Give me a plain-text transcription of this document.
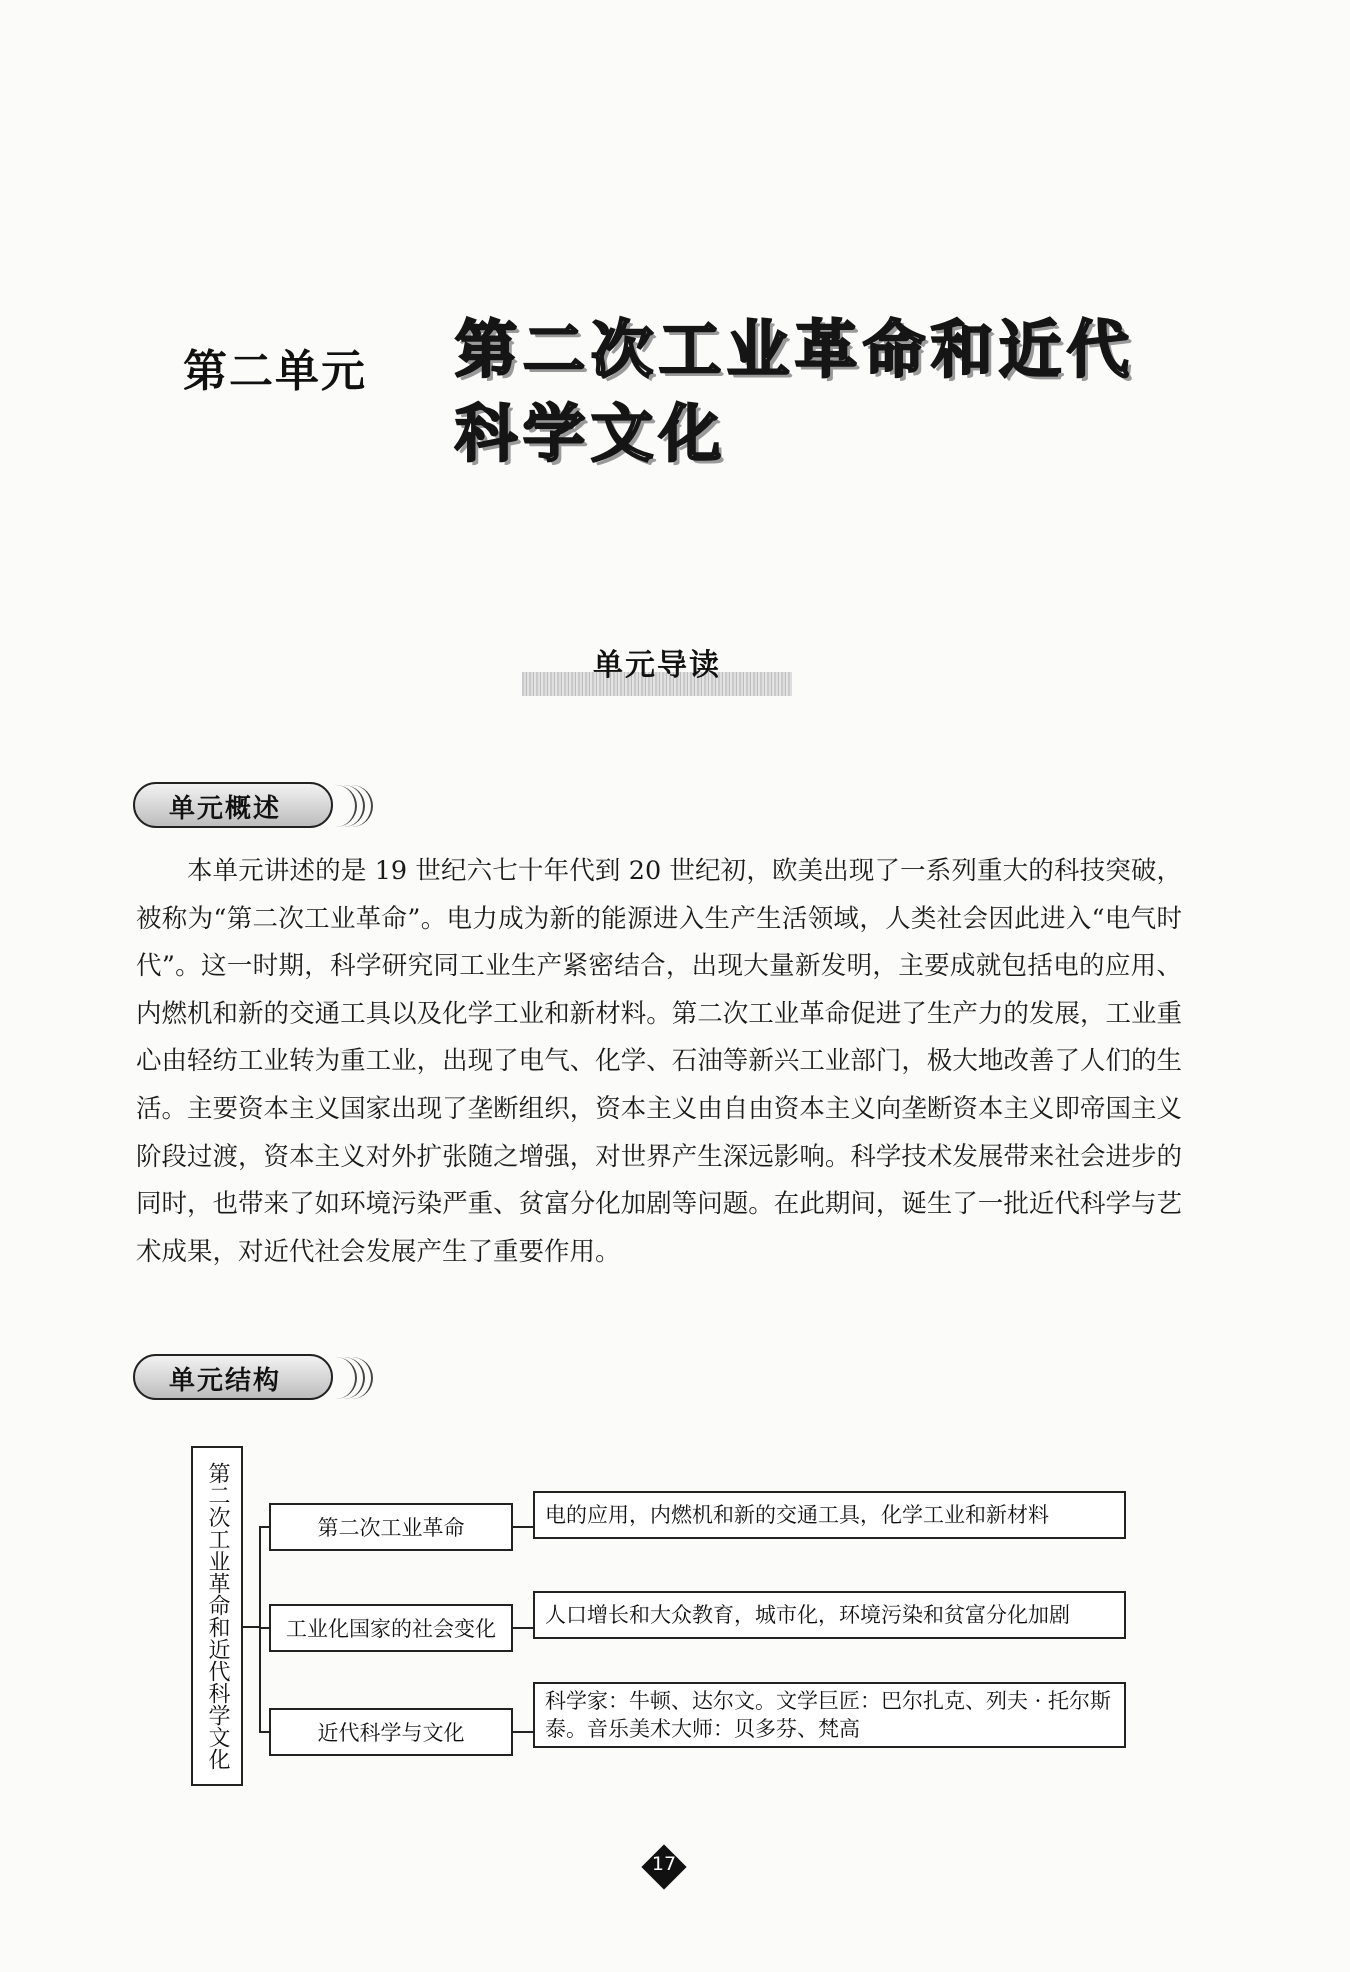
第二单元 第二次工业革命和近代科学文化
单元导读
单元概述

本单元讲述的是 19 世纪六七十年代到 20 世纪初，欧美出现了一系列重大的科技突破，被称为“第二次工业革命”。电力成为新的能源进入生产生活领域，人类社会因此进入“电气时代”。这一时期，科学研究同工业生产紧密结合，出现大量新发明，主要成就包括电的应用、内燃机和新的交通工具以及化学工业和新材料。第二次工业革命促进了生产力的发展，工业重心由轻纺工业转为重工业，出现了电气、化学、石油等新兴工业部门，极大地改善了人们的生活。主要资本主义国家出现了垄断组织，资本主义由自由资本主义向垄断资本主义即帝国主义阶段过渡，资本主义对外扩张随之增强，对世界产生深远影响。科学技术发展带来社会进步的同时，也带来了如环境污染严重、贫富分化加剧等问题。在此期间，诞生了一批近代科学与艺术成果，对近代社会发展产生了重要作用。

单元结构
第二次工业革命和近代科学文化	第二次工业革命
工业化国家的社会变化
近代科学与文化
电的应用，内燃机和新的交通工具，化学工业和新材料
人口增长和大众教育，城市化，环境污染和贫富分化加剧
科学家：牛顿、达尔文。文学巨匠：巴尔扎克、列夫 · 托尔斯泰。音乐美术大师：贝多芬、梵高
17
